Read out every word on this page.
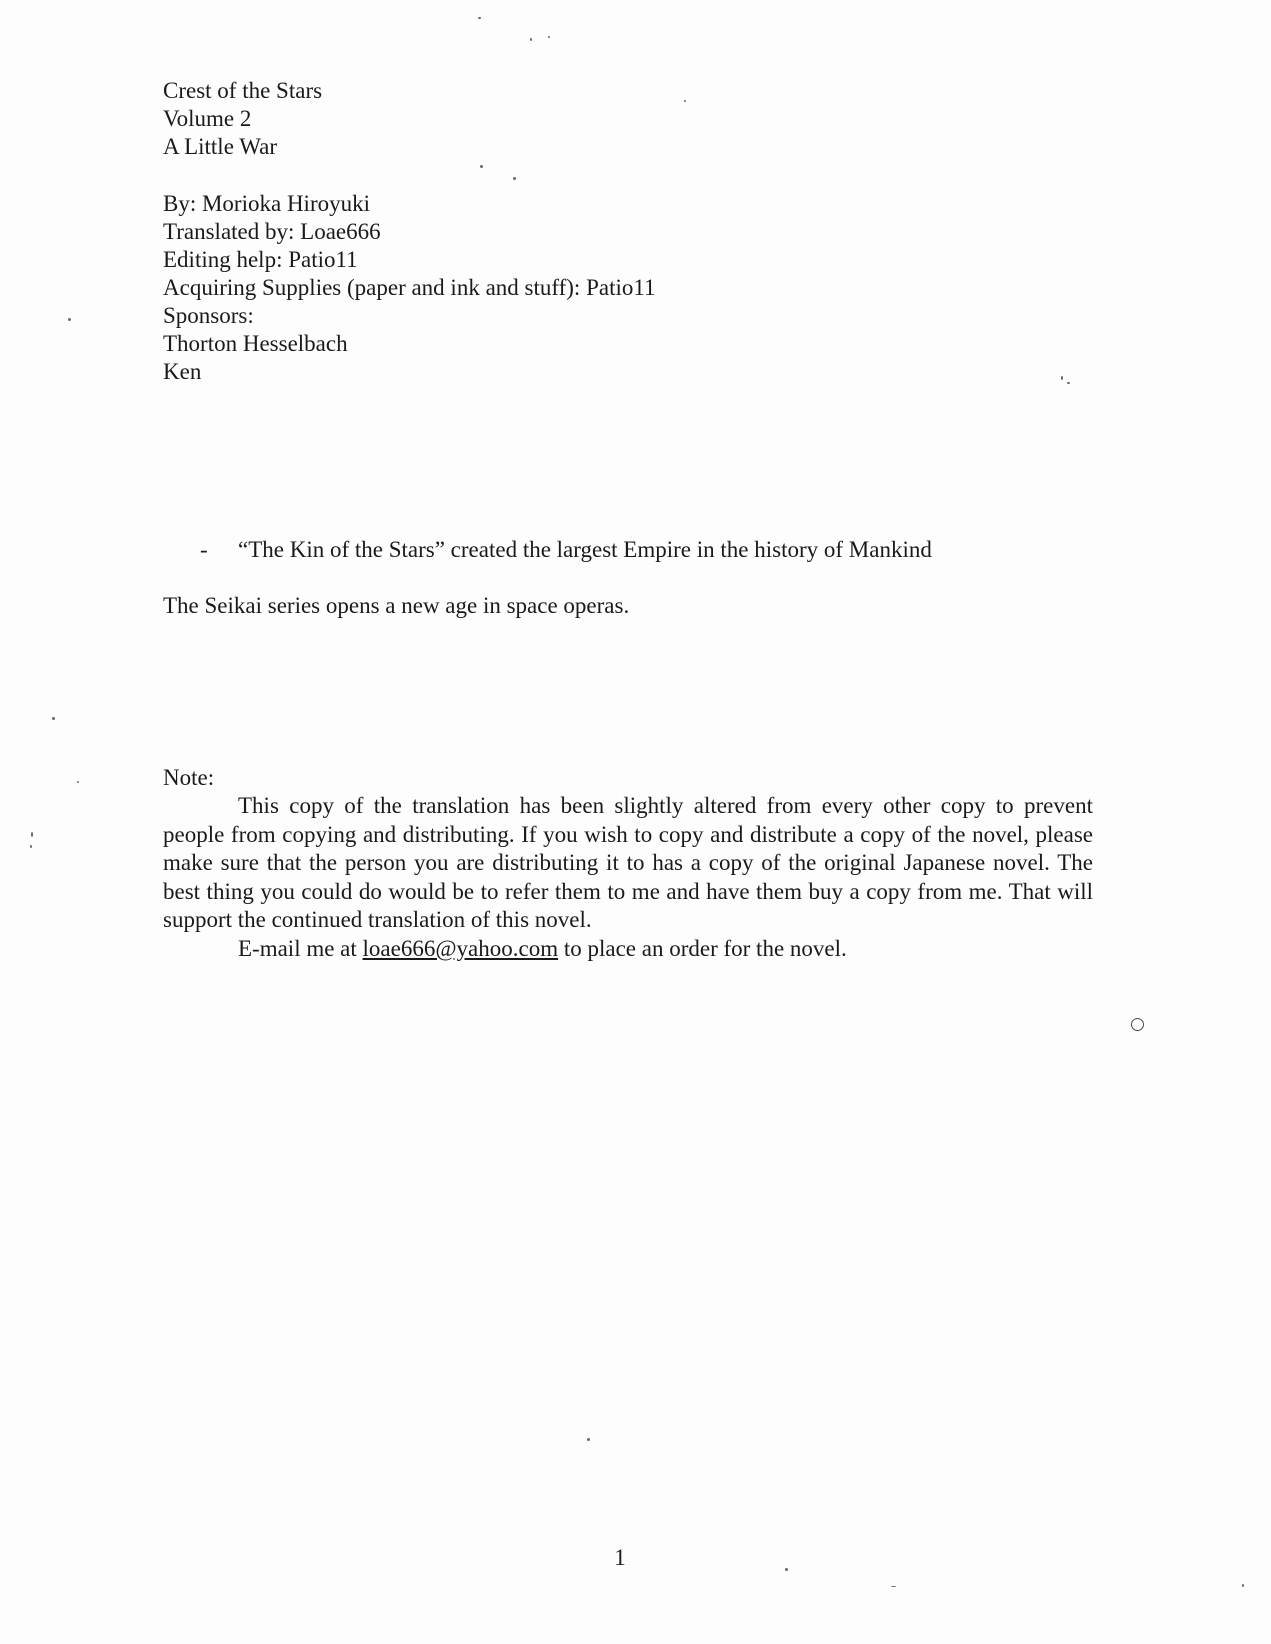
Crest of the Stars
Volume 2
A Little War
By: Morioka Hiroyuki
Translated by: Loae666
Editing help: Patio11
Acquiring Supplies (paper and ink and stuff): Patio11
Sponsors:
Thorton Hesselbach
Ken
- “The Kin of the Stars” created the largest Empire in the history of Mankind
The Seikai series opens a new age in space operas.
Note:

This copy of the translation has been slightly altered from every other copy to prevent people from copying and distributing. If you wish to copy and distribute a copy of the novel, please make sure that the person you are distributing it to has a copy of the original Japanese novel. The best thing you could do would be to refer them to me and have them buy a copy from me. That will support the continued translation of this novel.

E-mail me at loae666@yahoo.com to place an order for the novel.
1
